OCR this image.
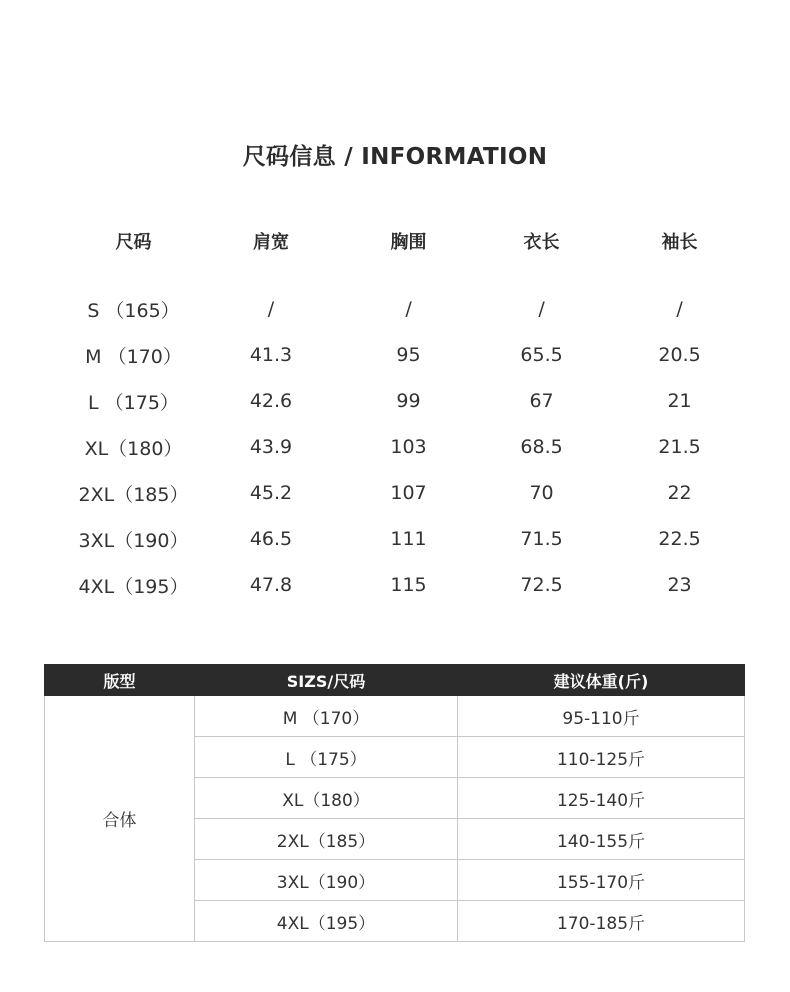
尺码信息 / INFORMATION
尺码	肩宽	胸围	衣长	袖长
S （165）	/	/	/	/
M （170）	41.3	95	65.5	20.5
L （175）	42.6	99	67	21
XL（180）	43.9	103	68.5	21.5
2XL（185）	45.2	107	70	22
3XL（190）	46.5	111	71.5	22.5
4XL（195）	47.8	115	72.5	23
版型	SIZS/尺码	建议体重(斤)
合体	M （170）	95-110斤
	L （175）	110-125斤
	XL（180）	125-140斤
	2XL（185）	140-155斤
	3XL（190）	155-170斤
	4XL（195）	170-185斤
